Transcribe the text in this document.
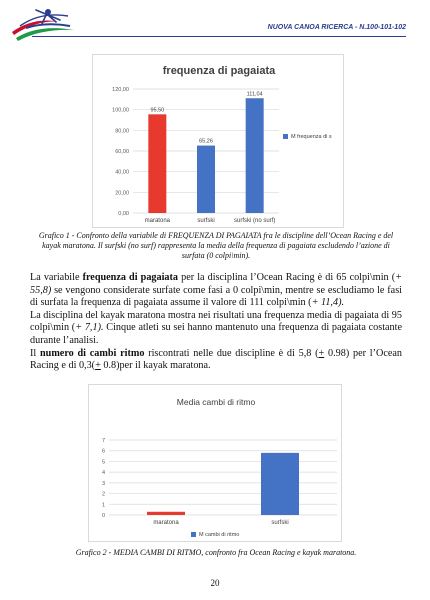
NUOVA CANOA RICERCA - N.100-101-102
frequenza di pagaiata
0,00
20,00
40,00
60,00
80,00
100,00
120,00
maratona
95,50
surfski
65,26
surfski (no surf)
111,04
M frequenza di s
Grafico 1 - Confronto della variabile di FREQUENZA DI PAGAIATA fra le discipline dell’Ocean Racing e del kayak maratona. Il surfski (no surf) rappresenta la media della frequenza di pagaiata escludendo l’azione di surfata (0 colpi\min).

La variabile frequenza di pagaiata per la disciplina l’Ocean Racing è di 65 colpi\min (+ 55,8) se vengono considerate surfate come fasi a 0 colpi\min, mentre se escludiamo le fasi di surfata la frequenza di pagaiata assume il valore di 111 colpi\min (+ 11,4).

La disciplina del kayak maratona mostra nei risultati una frequenza media di pagaiata di 95 colpi\min (+ 7,1). Cinque atleti su sei hanno mantenuto una frequenza di pagaiata costante durante l’analisi.

Il numero di cambi ritmo riscontrati nelle due discipline è di 5,8 (+ 0.98) per l’Ocean Racing e di 0,3(+ 0.8)per il kayak maratona.

Media cambi di ritmo
0
1
2
3
4
5
6
7
maratona	surfski
M cambi di ritmo
Grafico 2 - MEDIA CAMBI DI RITMO, confronto fra Ocean Racing e kayak maratona.
20
